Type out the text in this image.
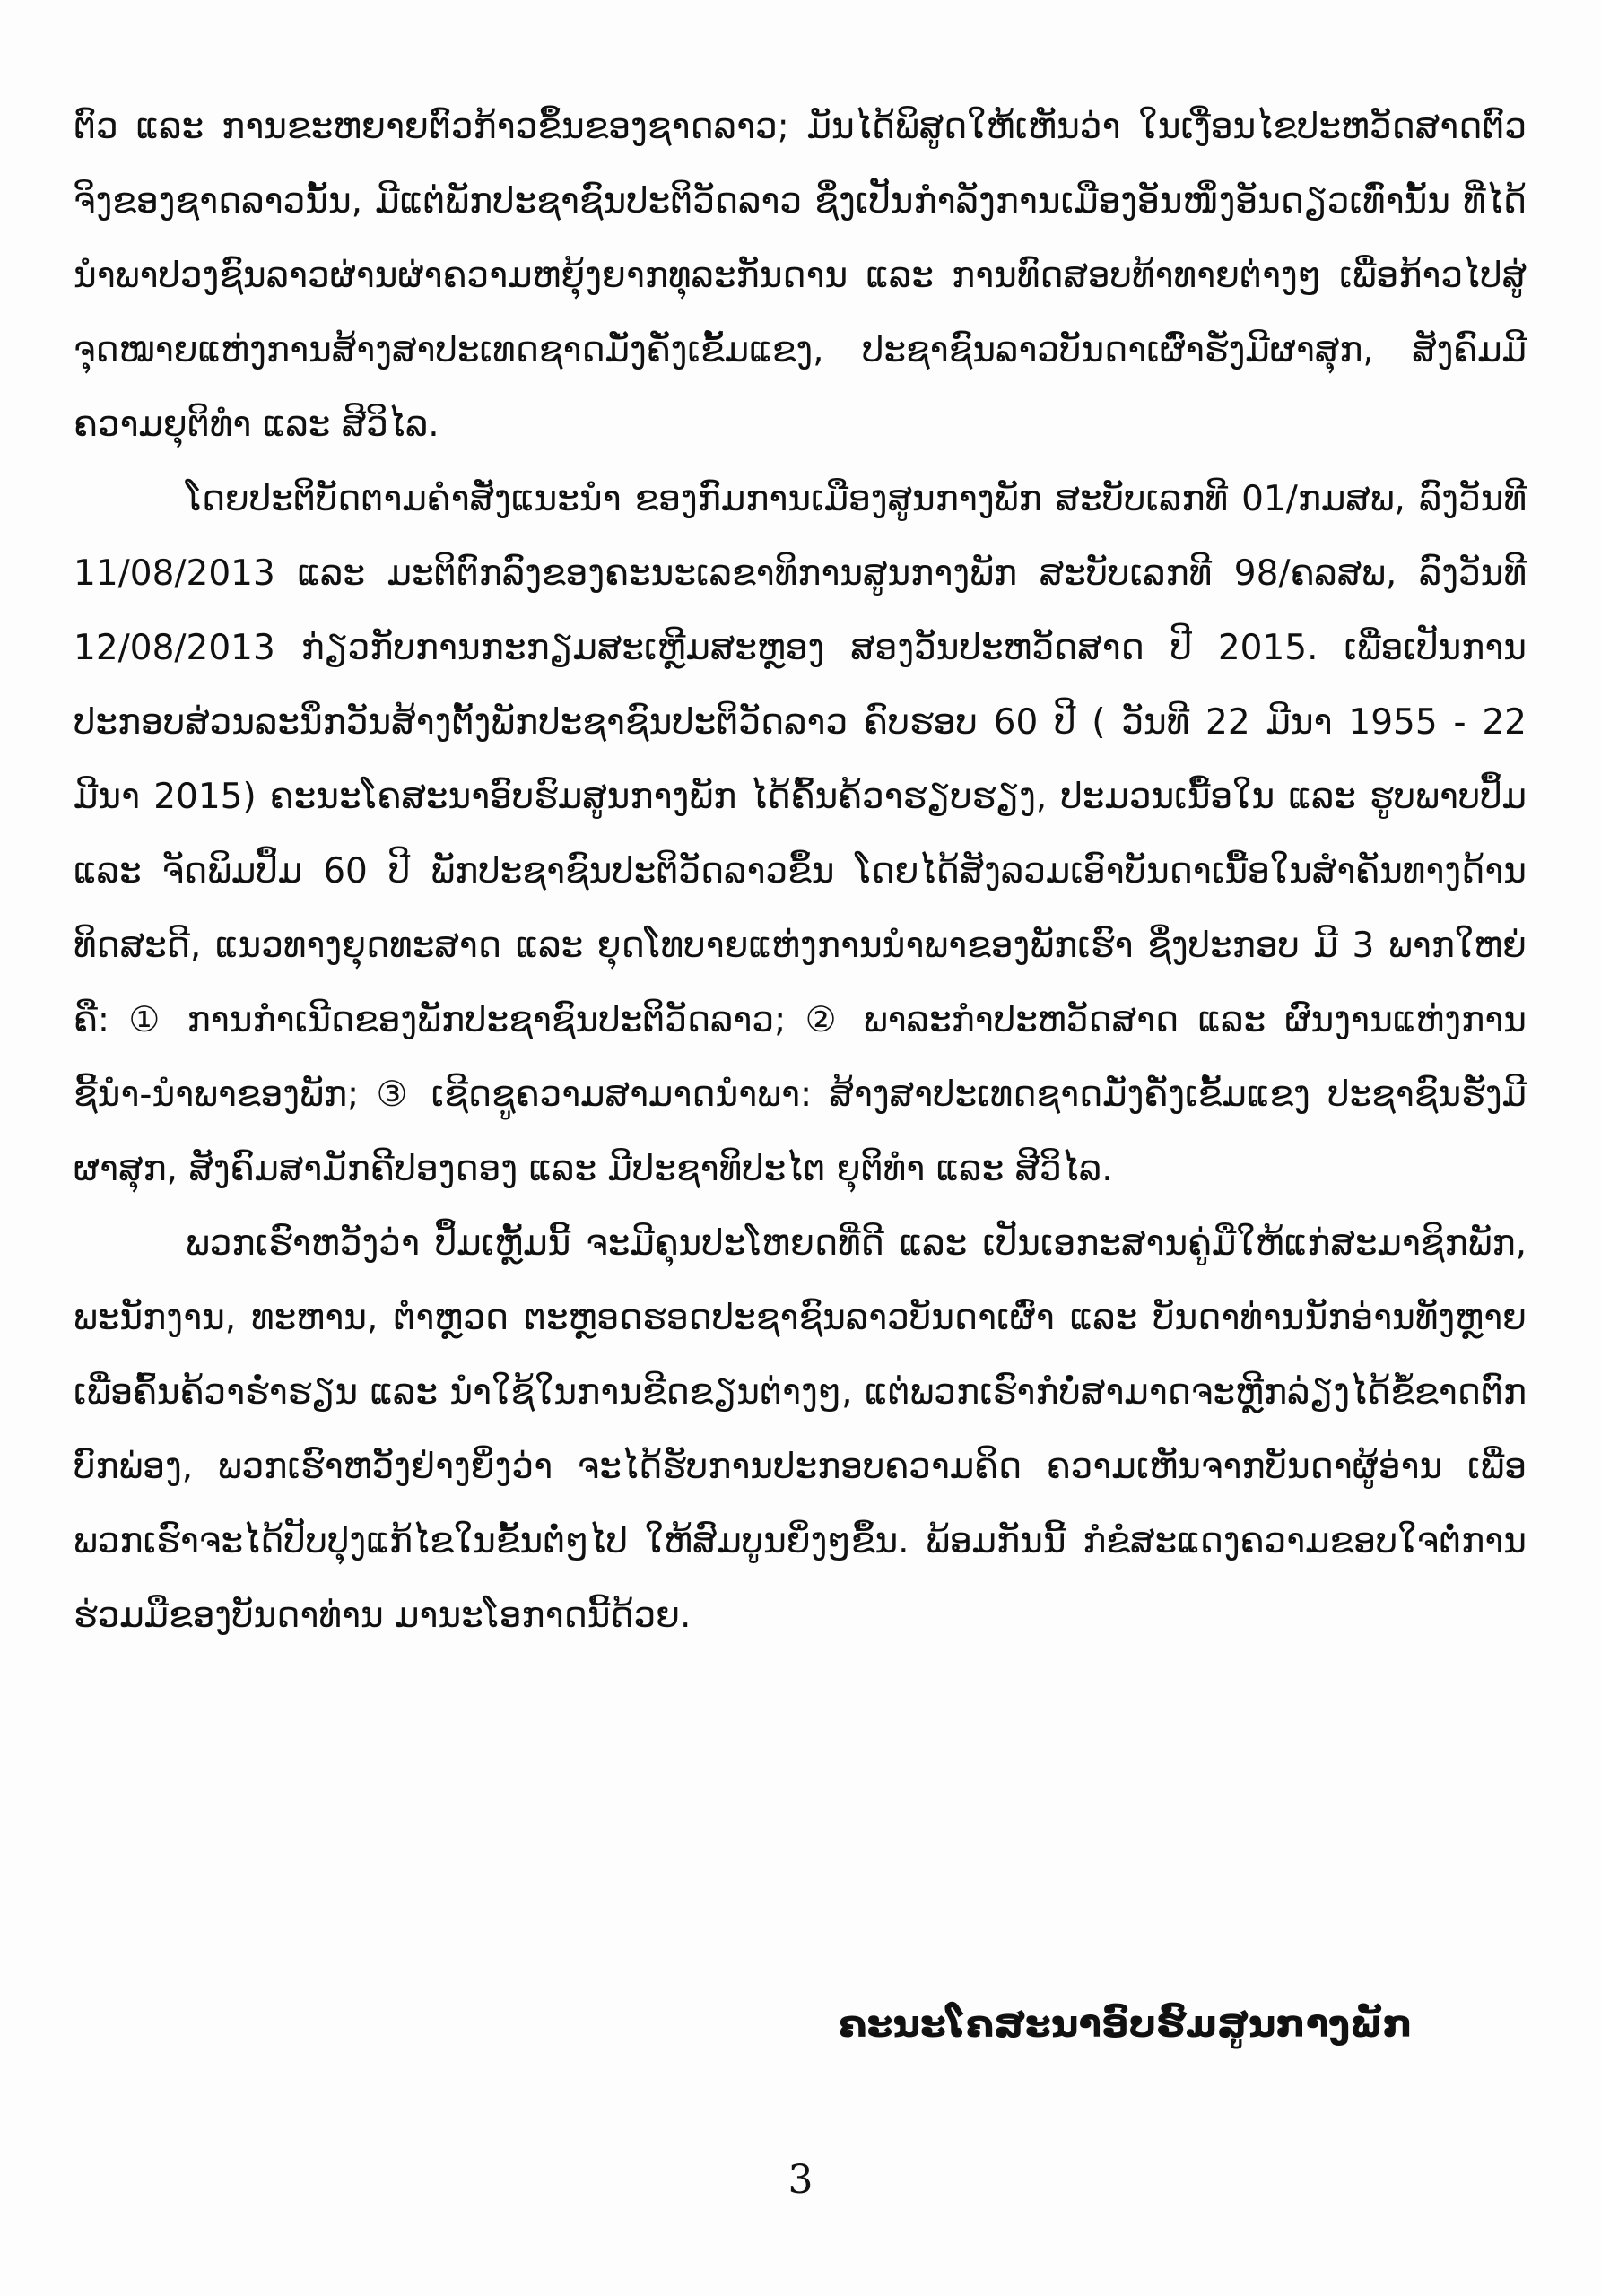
ຕົວ ແລະ ການຂະຫຍາຍຕົວກ້າວຂຶ້ນຂອງຊາດລາວ; ມັນໄດ້ພິສູດໃຫ້ເຫັນວ່າ ໃນເງື່ອນໄຂປະຫວັດສາດຕົວຈິງຂອງຊາດລາວນັ້ນ, ມີແຕ່ພັກປະຊາຊົນປະຕິວັດລາວ ຊຶ່ງເປັນກຳລັງການເມືອງອັນໜຶ່ງອັນດຽວເທົ່ານັ້ນ ທີ່ໄດ້ນຳພາປວງຊົນລາວຜ່ານຜ່າຄວາມຫຍຸ້ງຍາກທຸລະກັນດານ ແລະ ການທົດສອບທ້າທາຍຕ່າງໆ ເພື່ອກ້າວໄປສູ່ຈຸດໝາຍແຫ່ງການສ້າງສາປະເທດຊາດມັ່ງຄັ່ງເຂັ້ມແຂງ, ປະຊາຊົນລາວບັນດາເຜົ່າຮັ່ງມີຜາສຸກ, ສັງຄົມມີຄວາມຍຸຕິທຳ ແລະ ສີວິໄລ.

ໂດຍປະຕິບັດຕາມຄຳສັ່ງແນະນຳ ຂອງກົມການເມືອງສູນກາງພັກ ສະບັບເລກທີ 01/ກມສພ, ລົງວັນທີ 11/08/2013 ແລະ ມະຕິຕົກລົງຂອງຄະນະເລຂາທິການສູນກາງພັກ ສະບັບເລກທີ 98/ຄລສພ, ລົງວັນທີ 12/08/2013 ກ່ຽວກັບການກະກຽມສະເຫຼີມສະຫຼອງ ສອງວັນປະຫວັດສາດ ປີ 2015. ເພື່ອເປັນການປະກອບສ່ວນລະນຶກວັນສ້າງຕັ້ງພັກປະຊາຊົນປະຕິວັດລາວ ຄົບຮອບ 60 ປີ ( ວັນທີ 22 ມີນາ 1955 - 22 ມີນາ 2015) ຄະນະໂຄສະນາອົບຮົມສູນກາງພັກ ໄດ້ຄົ້ນຄ້ວາຮຽບຮຽງ, ປະມວນເນື້ອໃນ ແລະ ຮູບພາບປຶ້ມ ແລະ ຈັດພິມປຶ້ມ 60 ປີ ພັກປະຊາຊົນປະຕິວັດລາວຂຶ້ນ ໂດຍໄດ້ສັງລວມເອົາບັນດາເນື້ອໃນສຳຄັນທາງດ້ານທິດສະດີ, ແນວທາງຍຸດທະສາດ ແລະ ຍຸດໂທບາຍແຫ່ງການນຳພາຂອງພັກເຮົາ ຊຶ່ງປະກອບ ມີ 3 ພາກໃຫຍ່ ຄື: ① ການກຳເນີດຂອງພັກປະຊາຊົນປະຕິວັດລາວ; ② ພາລະກຳປະຫວັດສາດ ແລະ ຜົນງານແຫ່ງການຊີ້ນຳ-ນຳພາຂອງພັກ; ③ ເຊີດຊູຄວາມສາມາດນຳພາ: ສ້າງສາປະເທດຊາດມັ່ງຄັ່ງເຂັ້ມແຂງ ປະຊາຊົນຮັ່ງມີຜາສຸກ, ສັງຄົມສາມັກຄີປອງດອງ ແລະ ມີປະຊາທິປະໄຕ ຍຸຕິທຳ ແລະ ສີວິໄລ.

ພວກເຮົາຫວັງວ່າ ປຶ້ມເຫຼັ້ມນີ້ ຈະມີຄຸນປະໂຫຍດທີ່ດີ ແລະ ເປັນເອກະສານຄູ່ມືໃຫ້ແກ່ສະມາຊິກພັກ, ພະນັກງານ, ທະຫານ, ຕຳຫຼວດ ຕະຫຼອດຮອດປະຊາຊົນລາວບັນດາເຜົ່າ ແລະ ບັນດາທ່ານນັກອ່ານທັງຫຼາຍ ເພື່ອຄົ້ນຄ້ວາຮ່ຳຮຽນ ແລະ ນຳໃຊ້ໃນການຂີດຂຽນຕ່າງໆ, ແຕ່ພວກເຮົາກໍບໍ່ສາມາດຈະຫຼີກລ່ຽງໄດ້ຂໍ້ຂາດຕົກບົກພ່ອງ, ພວກເຮົາຫວັງຢ່າງຍິ່ງວ່າ ຈະໄດ້ຮັບການປະກອບຄວາມຄິດ ຄວາມເຫັນຈາກບັນດາຜູ້ອ່ານ ເພື່ອພວກເຮົາຈະໄດ້ປັບປຸງແກ້ໄຂໃນຂັ້ນຕໍ່ໆໄປ ໃຫ້ສົມບູນຍິ່ງໆຂຶ້ນ. ພ້ອມກັນນີ້ ກໍຂໍສະແດງຄວາມຂອບໃຈຕໍ່ການຮ່ວມມືຂອງບັນດາທ່ານ ມານະໂອກາດນີ້ດ້ວຍ.

ຄະນະໂຄສະນາອົບຮົມສູນກາງພັກ
3
